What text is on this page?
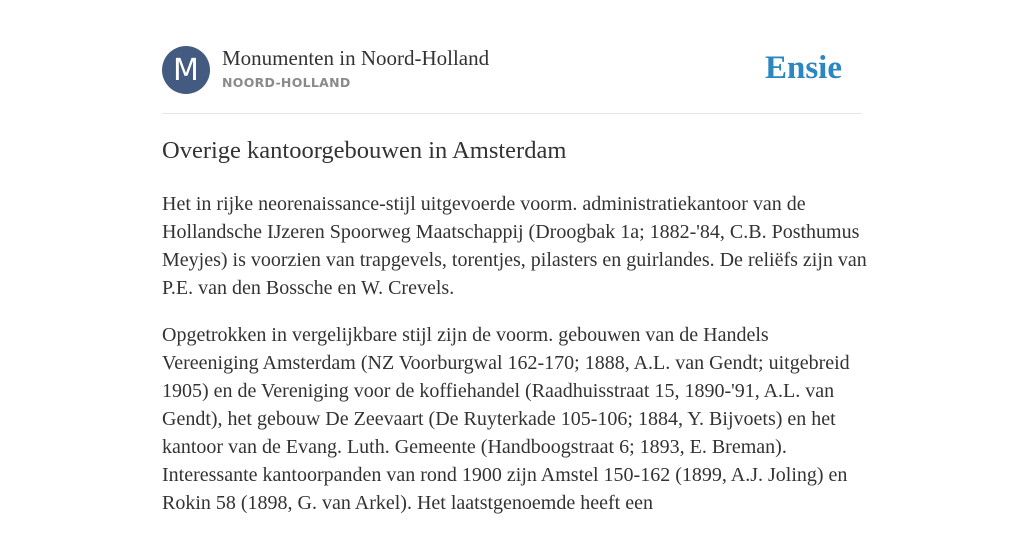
M	Monumenten in Noord-Holland
NOORD-HOLLAND	Ensie
Overige kantoorgebouwen in Amsterdam

Het in rijke neorenaissance-stijl uitgevoerde voorm. administratiekantoor van de Hollandsche IJzeren Spoorweg Maatschappij (Droogbak 1a; 1882-'84, C.B. Posthumus Meyjes) is voorzien van trapgevels, torentjes, pilasters en guirlandes. De reliëfs zijn van P.E. van den Bossche en W. Crevels.

Opgetrokken in vergelijkbare stijl zijn de voorm. gebouwen van de Handels Vereeniging Amsterdam (NZ Voorburgwal 162-170; 1888, A.L. van Gendt; uitgebreid 1905) en de Vereniging voor de koffiehandel (Raadhuisstraat 15, 1890-'91, A.L. van Gendt), het gebouw De Zeevaart (De Ruyterkade 105-106; 1884, Y. Bijvoets) en het kantoor van de Evang. Luth. Gemeente (Handboogstraat 6; 1893, E. Breman). Interessante kantoorpanden van rond 1900 zijn Amstel 150-162 (1899, A.J. Joling) en Rokin 58 (1898, G. van Arkel). Het laatstgenoemde heeft een
